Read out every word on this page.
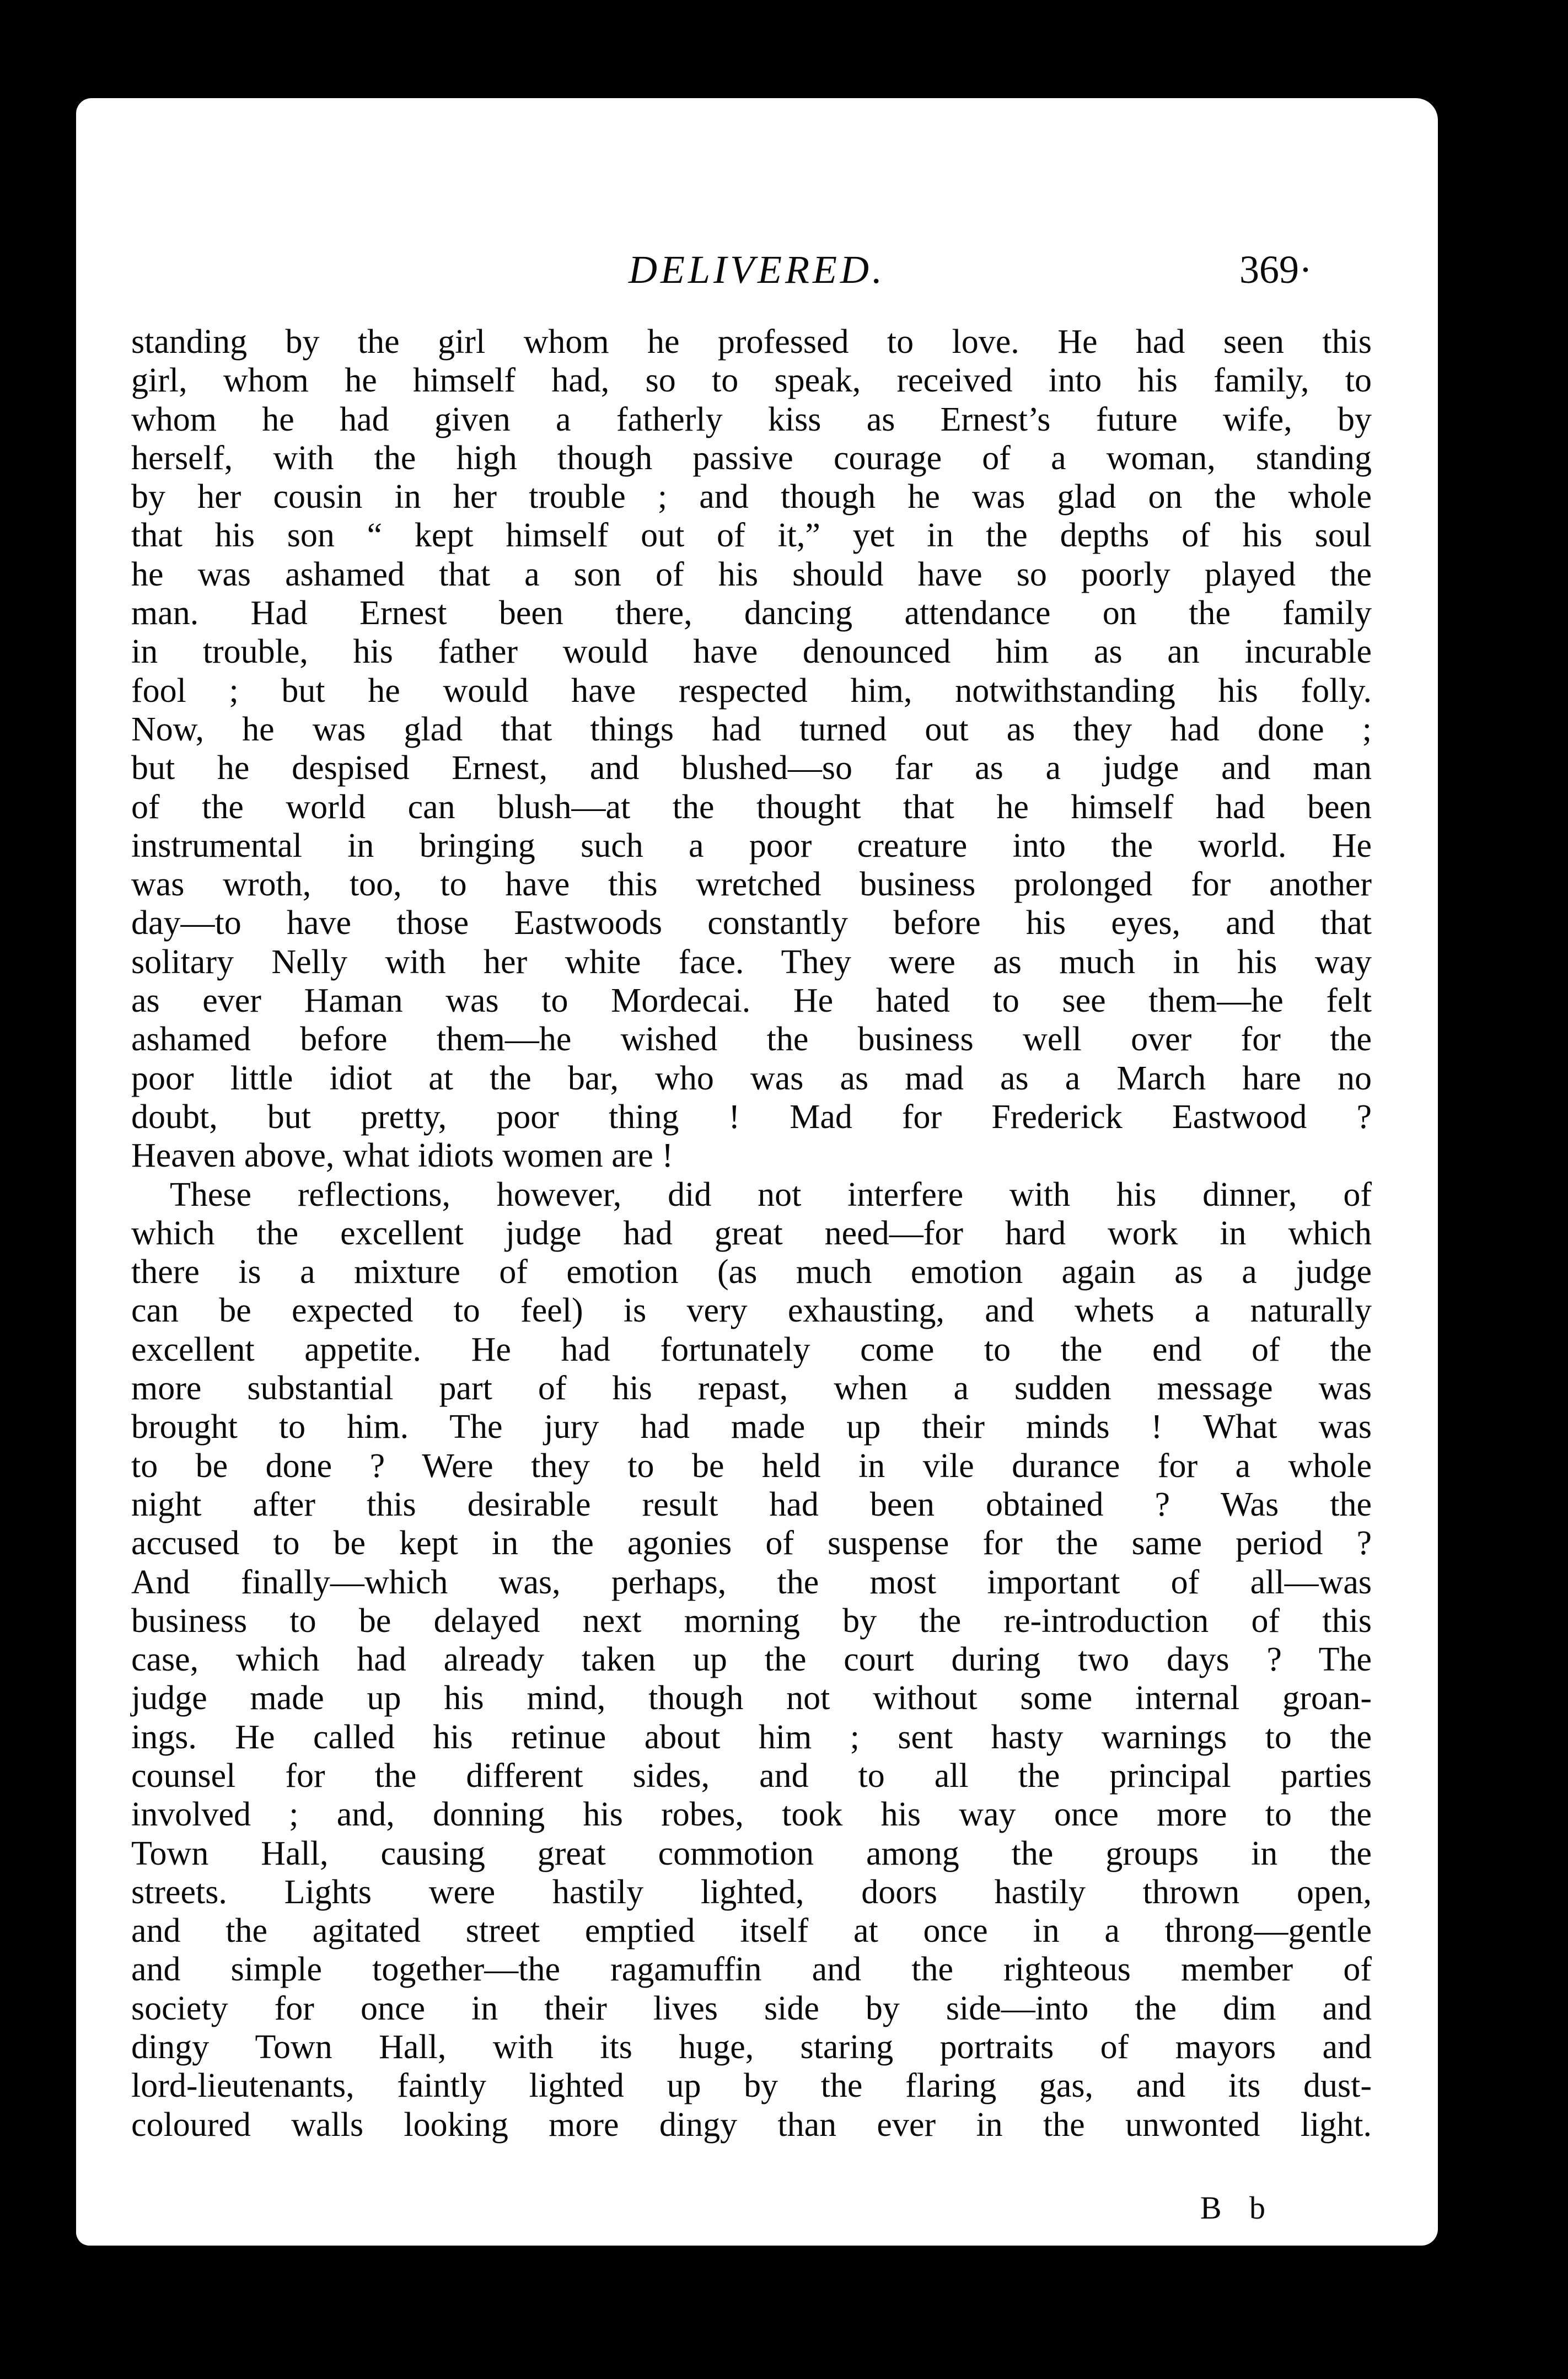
DELIVERED.	369·
standing by the girl whom he professed to love. He had seen this
girl, whom he himself had, so to speak, received into his family, to
whom he had given a fatherly kiss as Ernest’s future wife, by
herself, with the high though passive courage of a woman, standing
by her cousin in her trouble ; and though he was glad on the whole
that his son “ kept himself out of it,” yet in the depths of his soul
he was ashamed that a son of his should have so poorly played the
man. Had Ernest been there, dancing attendance on the family
in trouble, his father would have denounced him as an incurable
fool ; but he would have respected him, notwithstanding his folly.
Now, he was glad that things had turned out as they had done ;
but he despised Ernest, and blushed—so far as a judge and man
of the world can blush—at the thought that he himself had been
instrumental in bringing such a poor creature into the world. He
was wroth, too, to have this wretched business prolonged for another
day—to have those Eastwoods constantly before his eyes, and that
solitary Nelly with her white face. They were as much in his way
as ever Haman was to Mordecai. He hated to see them—he felt
ashamed before them—he wished the business well over for the
poor little idiot at the bar, who was as mad as a March hare no
doubt, but pretty, poor thing ! Mad for Frederick Eastwood ?
Heaven above, what idiots women are !
These reflections, however, did not interfere with his dinner, of
which the excellent judge had great need—for hard work in which
there is a mixture of emotion (as much emotion again as a judge
can be expected to feel) is very exhausting, and whets a naturally
excellent appetite. He had fortunately come to the end of the
more substantial part of his repast, when a sudden message was
brought to him. The jury had made up their minds ! What was
to be done ? Were they to be held in vile durance for a whole
night after this desirable result had been obtained ? Was the
accused to be kept in the agonies of suspense for the same period ?
And finally—which was, perhaps, the most important of all—was
business to be delayed next morning by the re-introduction of this
case, which had already taken up the court during two days ? The
judge made up his mind, though not without some internal groan-
ings. He called his retinue about him ; sent hasty warnings to the
counsel for the different sides, and to all the principal parties
involved ; and, donning his robes, took his way once more to the
Town Hall, causing great commotion among the groups in the
streets. Lights were hastily lighted, doors hastily thrown open,
and the agitated street emptied itself at once in a throng—gentle
and simple together—the ragamuffin and the righteous member of
society for once in their lives side by side—into the dim and
dingy Town Hall, with its huge, staring portraits of mayors and
lord-lieutenants, faintly lighted up by the flaring gas, and its dust-
coloured walls looking more dingy than ever in the unwonted light.
B b
